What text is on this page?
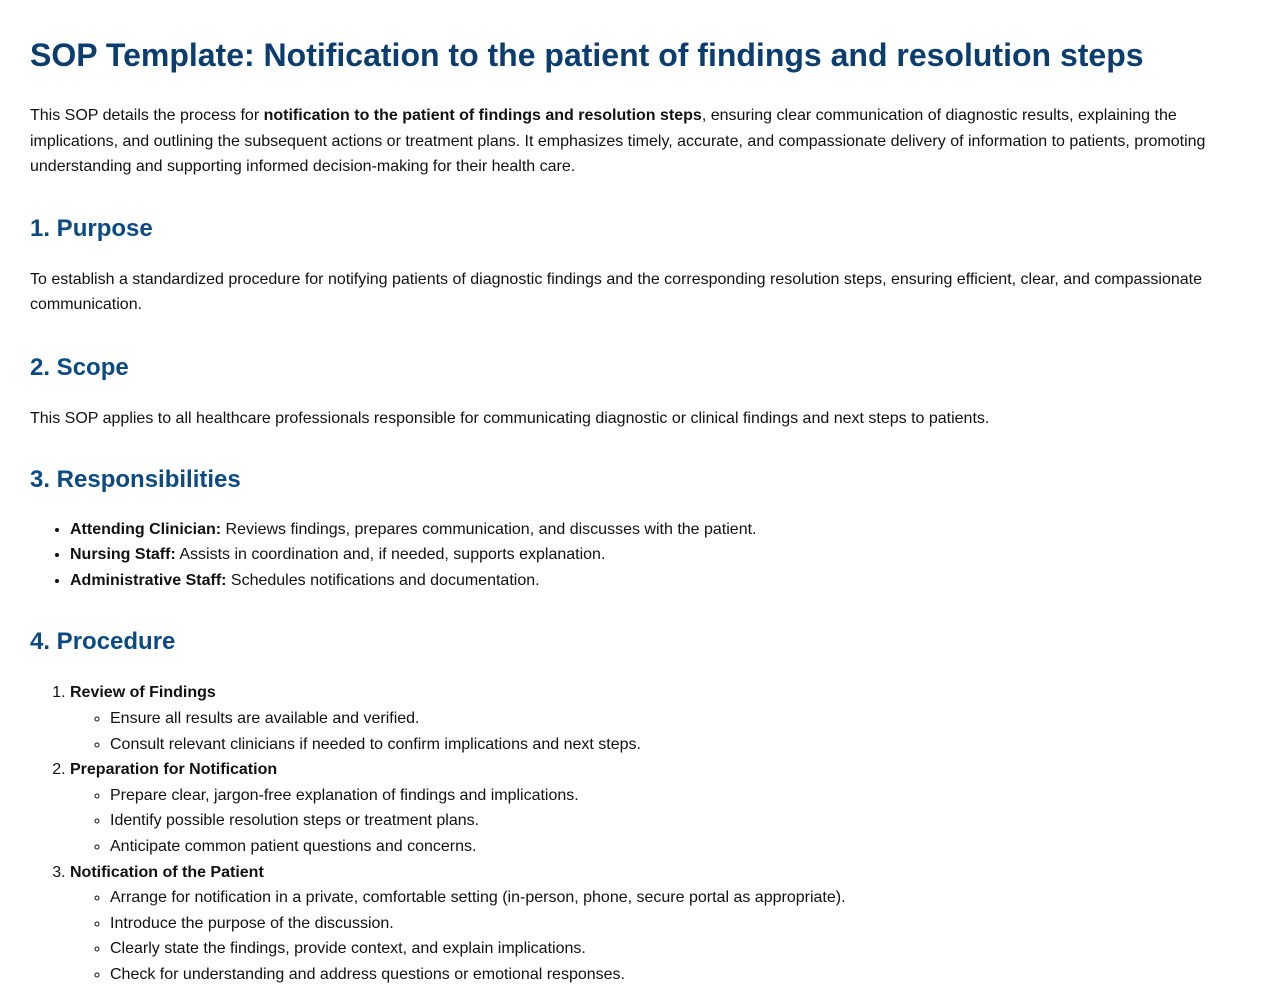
SOP Template: Notification to the patient of findings and resolution steps

This SOP details the process for notification to the patient of findings and resolution steps, ensuring clear communication of diagnostic results, explaining the implications, and outlining the subsequent actions or treatment plans. It emphasizes timely, accurate, and compassionate delivery of information to patients, promoting understanding and supporting informed decision-making for their health care.

1. Purpose

To establish a standardized procedure for notifying patients of diagnostic findings and the corresponding resolution steps, ensuring efficient, clear, and compassionate communication.

2. Scope

This SOP applies to all healthcare professionals responsible for communicating diagnostic or clinical findings and next steps to patients.

3. Responsibilities
• Attending Clinician: Reviews findings, prepares communication, and discusses with the patient.
• Nursing Staff: Assists in coordination and, if needed, supports explanation.
• Administrative Staff: Schedules notifications and documentation.
4. Procedure
1. Review of Findings
◦ Ensure all results are available and verified.
◦ Consult relevant clinicians if needed to confirm implications and next steps.
2. Preparation for Notification
◦ Prepare clear, jargon-free explanation of findings and implications.
◦ Identify possible resolution steps or treatment plans.
◦ Anticipate common patient questions and concerns.
3. Notification of the Patient
◦ Arrange for notification in a private, comfortable setting (in-person, phone, secure portal as appropriate).
◦ Introduce the purpose of the discussion.
◦ Clearly state the findings, provide context, and explain implications.
◦ Check for understanding and address questions or emotional responses.
